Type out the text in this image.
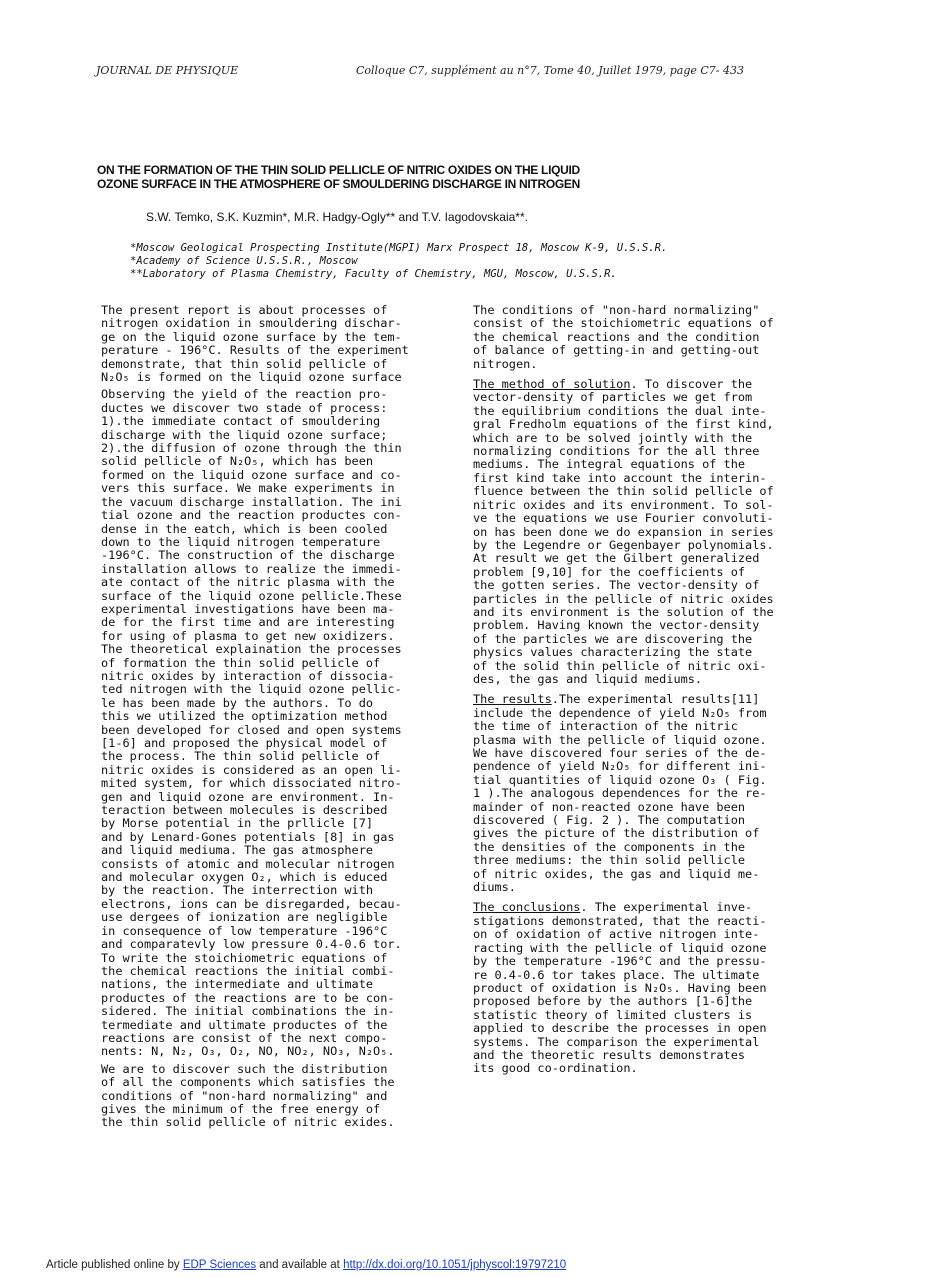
JOURNAL DE PHYSIQUE	Colloque C7, supplément au n°7, Tome 40, Juillet 1979, page C7- 433
ON THE FORMATION OF THE THIN SOLID PELLICLE OF NITRIC OXIDES ON THE LIQUID
OZONE SURFACE IN THE ATMOSPHERE OF SMOULDERING DISCHARGE IN NITROGEN
S.W. Temko, S.K. Kuzmin*, M.R. Hadgy-Ogly** and T.V. Iagodovskaia**.
*Moscow Geological Prospecting Institute(MGPI) Marx Prospect 18, Moscow K-9, U.S.S.R.
*Academy of Science U.S.S.R., Moscow
**Laboratory of Plasma Chemistry, Faculty of Chemistry, MGU, Moscow, U.S.S.R.

The present report is about processes of
nitrogen oxidation in smouldering dischar-
ge on the liquid ozone surface by the tem-
perature - 196°C. Results of the experiment
demonstrate, that thin solid pellicle of
N₂O₅ is formed on the liquid ozone surface

Observing the yield of the reaction pro-
ductes we discover two stade of process:
1).the immediate contact of smouldering
discharge with the liquid ozone surface;
2).the diffusion of ozone through the thin
solid pellicle of N₂O₅, which has been
formed on the liquid ozone surface and co-
vers this surface. We make experiments in
the vacuum discharge installation. The ini
tial ozone and the reaction productes con-
dense in the eatch, which is been cooled
down to the liquid nitrogen temperature
-196°C. The construction of the discharge
installation allows to realize the immedi-
ate contact of the nitric plasma with the
surface of the liquid ozone pellicle.These
experimental investigations have been ma-
de for the first time and are interesting
for using of plasma to get new oxidizers.
The theoretical explaination the processes
of formation the thin solid pellicle of
nitric oxides by interaction of dissocia-
ted nitrogen with the liquid ozone pellic-
le has been made by the authors. To do
this we utilized the optimization method
been developed for closed and open systems
[1-6] and proposed the physical model of
the process. The thin solid pellicle of
nitric oxides is considered as an open li-
mited system, for which dissociated nitro-
gen and liquid ozone are environment. In-
teraction between molecules is described
by Morse potential in the prllicle [7]
and by Lenard-Gones potentials [8] in gas
and liquid mediuma. The gas atmosphere
consists of atomic and molecular nitrogen
and molecular oxygen O₂, which is educed
by the reaction. The interrection with
electrons, ions can be disregarded, becau-
use dergees of ionization are negligible
in consequence of low temperature -196°C
and comparatevly low pressure 0.4-0.6 tor.
To write the stoichiometric equations of
the chemical reactions the initial combi-
nations, the intermediate and ultimate
productes of the reactions are to be con-
sidered. The initial combinations the in-
termediate and ultimate productes of the
reactions are consist of the next compo-
nents: N, N₂, O₃, O₂, NO, NO₂, NO₃, N₂O₅.

We are to discover such the distribution
of all the components which satisfies the
conditions of "non-hard normalizing" and
gives the minimum of the free energy of
the thin solid pellicle of nitric exides.

The conditions of "non-hard normalizing"
consist of the stoichiometric equations of
the chemical reactions and the condition
of balance of getting-in and getting-out
nitrogen.

The method of solution. To discover the
vector-density of particles we get from
the equilibrium conditions the dual inte-
gral Fredholm equations of the first kind,
which are to be solved jointly with the
normalizing conditions for the all three
mediums. The integral equations of the
first kind take into account the interin-
fluence between the thin solid pellicle of
nitric oxides and its environment. To sol-
ve the equations we use Fourier convoluti-
on has been done we do expansion in series
by the Legendre or Gegenbayer polynomials.
At result we get the Gilbert generalized
problem [9,10] for the coefficients of
the gotten series. The vector-density of
particles in the pellicle of nitric oxides
and its environment is the solution of the
problem. Having known the vector-density
of the particles we are discovering the
physics values characterizing the state
of the solid thin pellicle of nitric oxi-
des, the gas and liquid mediums.

The results.The experimental results[11]
include the dependence of yield N₂O₅ from
the time of interaction of the nitric
plasma with the pellicle of liquid ozone.
We have discovered four series of the de-
pendence of yield N₂O₅ for different ini-
tial quantities of liquid ozone O₃ ( Fig.
1 ).The analogous dependences for the re-
mainder of non-reacted ozone have been
discovered ( Fig. 2 ). The computation
gives the picture of the distribution of
the densities of the components in the
three mediums: the thin solid pellicle
of nitric oxides, the gas and liquid me-
diums.

The conclusions. The experimental inve-
stigations demonstrated, that the reacti-
on of oxidation of active nitrogen inte-
racting with the pellicle of liquid ozone
by the temperature -196°C and the pressu-
re 0.4-0.6 tor takes place. The ultimate
product of oxidation is N₂O₅. Having been
proposed before by the authors [1-6]the
statistic theory of limited clusters is
applied to describe the processes in open
systems. The comparison the experimental
and the theoretic results demonstrates
its good co-ordination.

Article published online by EDP Sciences and available at http://dx.doi.org/10.1051/jphyscol:19797210
